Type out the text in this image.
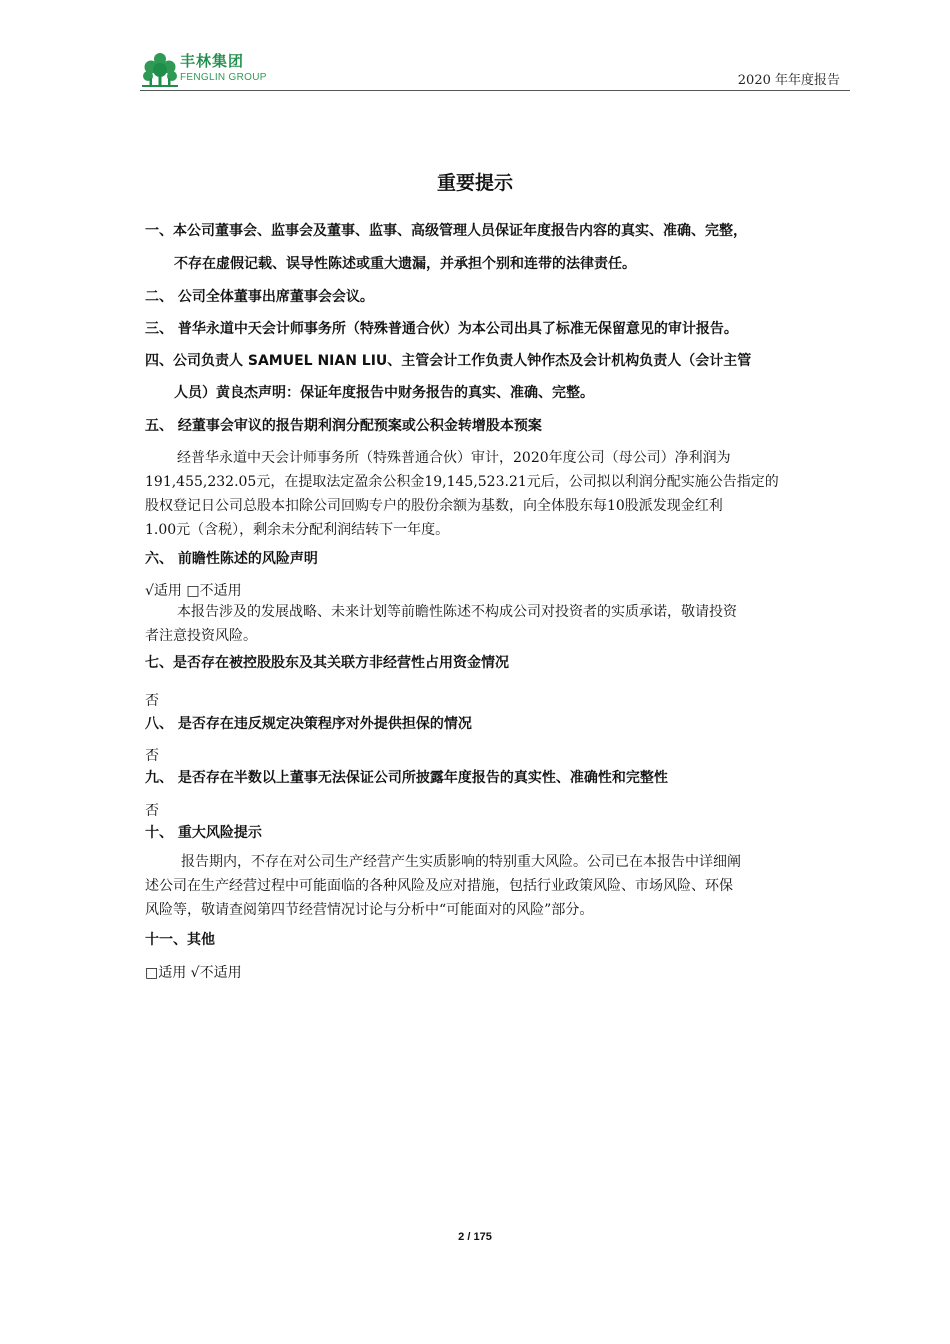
丰林集团
FENGLIN GROUP	2020 年年度报告
重要提示
一、本公司董事会、监事会及董事、监事、高级管理人员保证年度报告内容的真实、准确、完整，
不存在虚假记载、误导性陈述或重大遗漏，并承担个别和连带的法律责任。
二、 公司全体董事出席董事会会议。
三、 普华永道中天会计师事务所（特殊普通合伙）为本公司出具了标准无保留意见的审计报告。
四、公司负责人 SAMUEL NIAN LIU、主管会计工作负责人钟作杰及会计机构负责人（会计主管
人员）黄良杰声明：保证年度报告中财务报告的真实、准确、完整。
五、 经董事会审议的报告期利润分配预案或公积金转增股本预案
经普华永道中天会计师事务所（特殊普通合伙）审计，2020年度公司（母公司）净利润为
191,455,232.05元，在提取法定盈余公积金19,145,523.21元后，公司拟以利润分配实施公告指定的
股权登记日公司总股本扣除公司回购专户的股份余额为基数，向全体股东每10股派发现金红利
1.00元（含税），剩余未分配利润结转下一年度。
六、 前瞻性陈述的风险声明
√适用 □不适用
本报告涉及的发展战略、未来计划等前瞻性陈述不构成公司对投资者的实质承诺，敬请投资
者注意投资风险。
七、是否存在被控股股东及其关联方非经营性占用资金情况
否
八、 是否存在违反规定决策程序对外提供担保的情况
否
九、 是否存在半数以上董事无法保证公司所披露年度报告的真实性、准确性和完整性
否
十、 重大风险提示
报告期内，不存在对公司生产经营产生实质影响的特别重大风险。公司已在本报告中详细阐
述公司在生产经营过程中可能面临的各种风险及应对措施，包括行业政策风险、市场风险、环保
风险等，敬请查阅第四节经营情况讨论与分析中“可能面对的风险”部分。
十一、其他
□适用 √不适用
2 / 175
